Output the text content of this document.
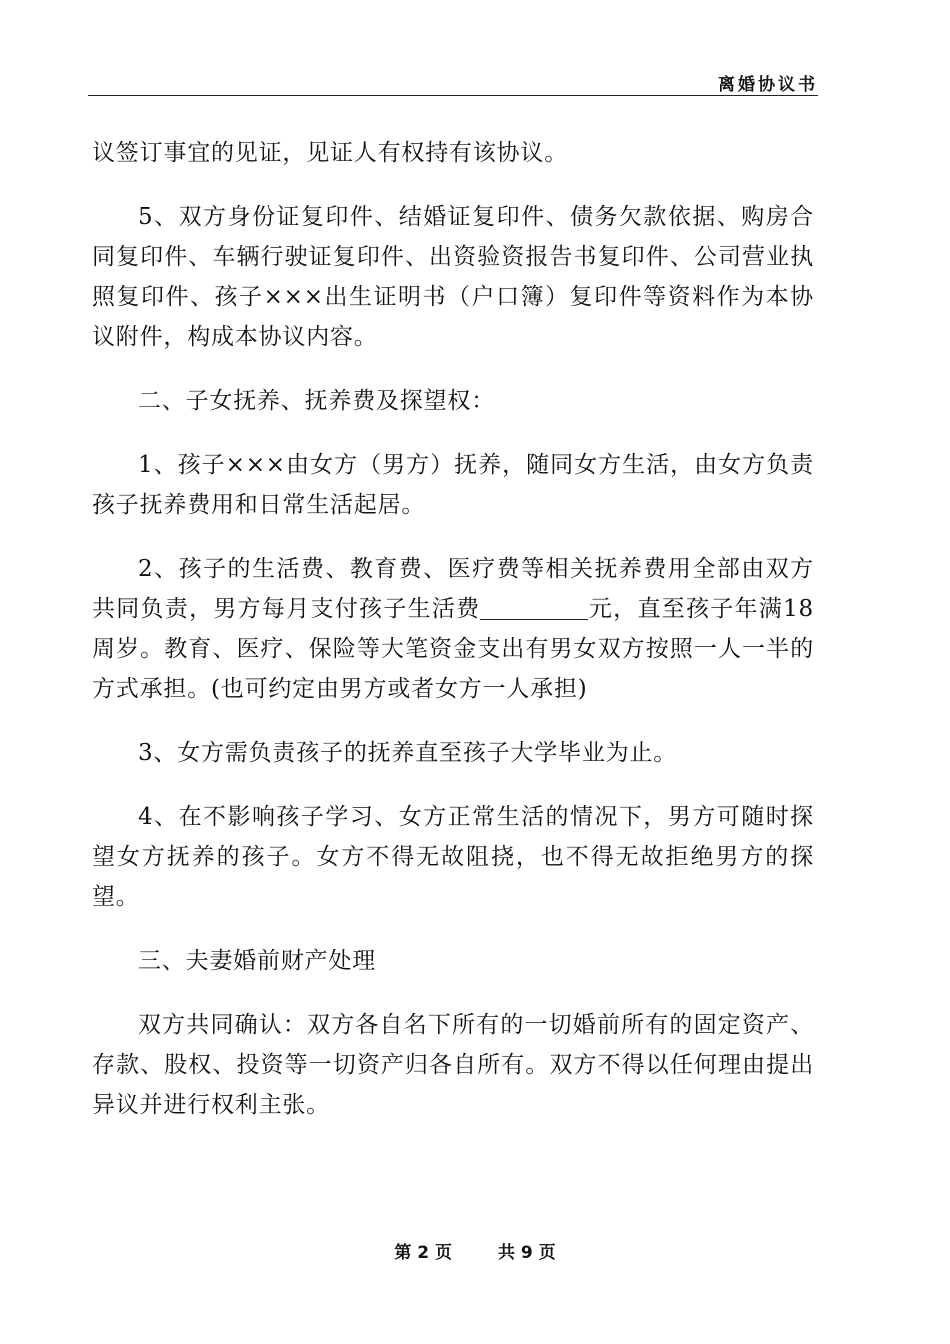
离婚协议书

议签订事宜的见证，见证人有权持有该协议。

5、双方身份证复印件、结婚证复印件、债务欠款依据、购房合同复印件、车辆行驶证复印件、出资验资报告书复印件、公司营业执照复印件、孩子×××出生证明书（户口簿）复印件等资料作为本协议附件，构成本协议内容。

二、子女抚养、抚养费及探望权：

1、孩子×××由女方（男方）抚养，随同女方生活，由女方负责孩子抚养费用和日常生活起居。

2、孩子的生活费、教育费、医疗费等相关抚养费用全部由双方共同负责，男方每月支付孩子生活费	元，直至孩子年满18周岁。教育、医疗、保险等大笔资金支出有男女双方按照一人一半的方式承担。(也可约定由男方或者女方一人承担)

3、女方需负责孩子的抚养直至孩子大学毕业为止。

4、在不影响孩子学习、女方正常生活的情况下，男方可随时探望女方抚养的孩子。女方不得无故阻挠，也不得无故拒绝男方的探望。

三、夫妻婚前财产处理

双方共同确认：双方各自名下所有的一切婚前所有的固定资产、存款、股权、投资等一切资产归各自所有。双方不得以任何理由提出异议并进行权利主张。

第 2 页	共 9 页
